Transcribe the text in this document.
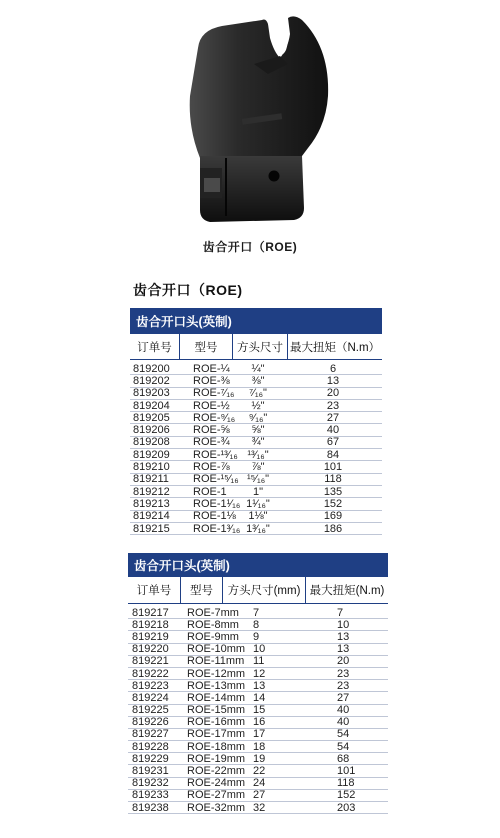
齿合开口（ROE)
齿合开口（ROE)
齿合开口头(英制)
订单号	型号	方头尺寸 最大扭矩（N.m）
819200	ROE-¼	¼"	6
819202	ROE-⅜	⅜"	13
819203	ROE-⁷⁄₁₆	⁷⁄₁₆"	20
819204	ROE-½	½"	23
819205	ROE-⁹⁄₁₆	⁹⁄₁₆"	27
819206	ROE-⅝	⅝"	40
819208	ROE-¾	¾"	67
819209	ROE-¹³⁄₁₆ ¹³⁄₁₆"	84
819210	ROE-⅞	⅞"	101
819211	ROE-¹⁵⁄₁₆ ¹⁵⁄₁₆"	118
819212	ROE-1	1"	135
819213	ROE-1¹⁄₁₆ 1¹⁄₁₆"	152
819214	ROE-1⅛	1⅛"	169
819215	ROE-1³⁄₁₆ 1³⁄₁₆"	186
齿合开口头(英制)
订单号	型号	方头尺寸(mm) 最大扭矩(N.m)
819217	ROE-7mm	7	7
819218	ROE-8mm	8	10
819219	ROE-9mm	9	13
819220	ROE-10mm 10	13
819221	ROE-11mm 11	20
819222	ROE-12mm 12	23
819223	ROE-13mm 13	23
819224	ROE-14mm 14	27
819225	ROE-15mm 15	40
819226	ROE-16mm 16	40
819227	ROE-17mm 17	54
819228	ROE-18mm 18	54
819229	ROE-19mm 19	68
819231	ROE-22mm 22	101
819232	ROE-24mm 24	118
819233	ROE-27mm 27	152
819238	ROE-32mm 32	203
